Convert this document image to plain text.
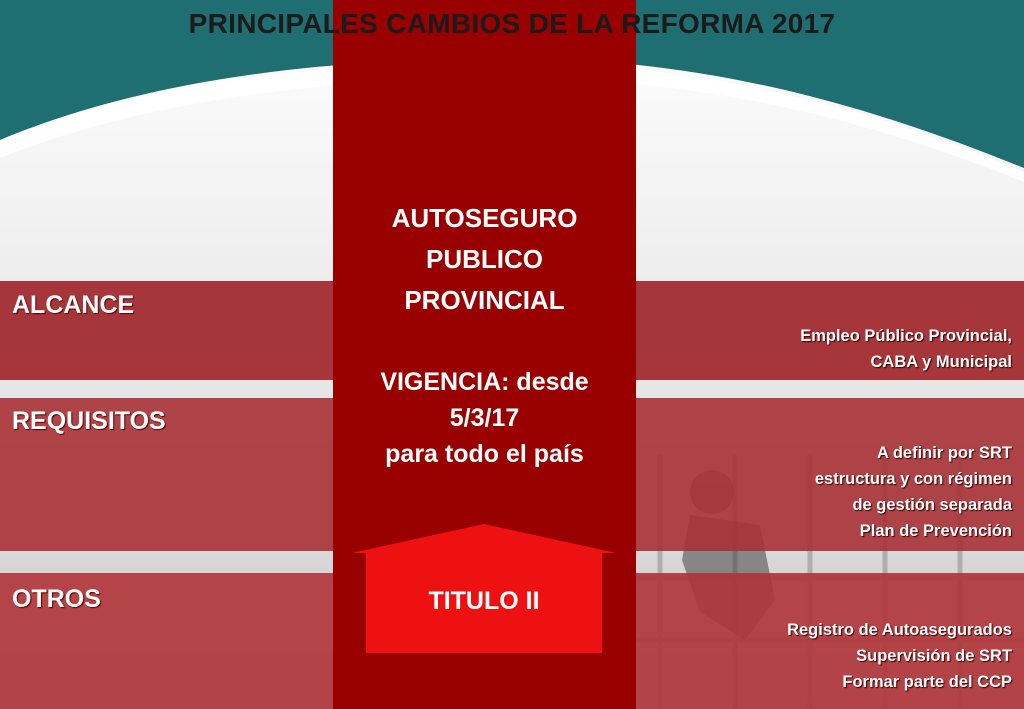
ALCANCE
Empleo Público Provincial,
CABA y Municipal
REQUISITOS
A definir por SRT
estructura y con régimen
de gestión separada
Plan de Prevención
OTROS
Registro de Autoasegurados
Supervisión de SRT
Formar parte del CCP
PRINCIPALES CAMBIOS DE LA REFORMA 2017
AUTOSEGURO
PUBLICO
PROVINCIAL
VIGENCIA: desde
5/3/17
para todo el país
TITULO II
